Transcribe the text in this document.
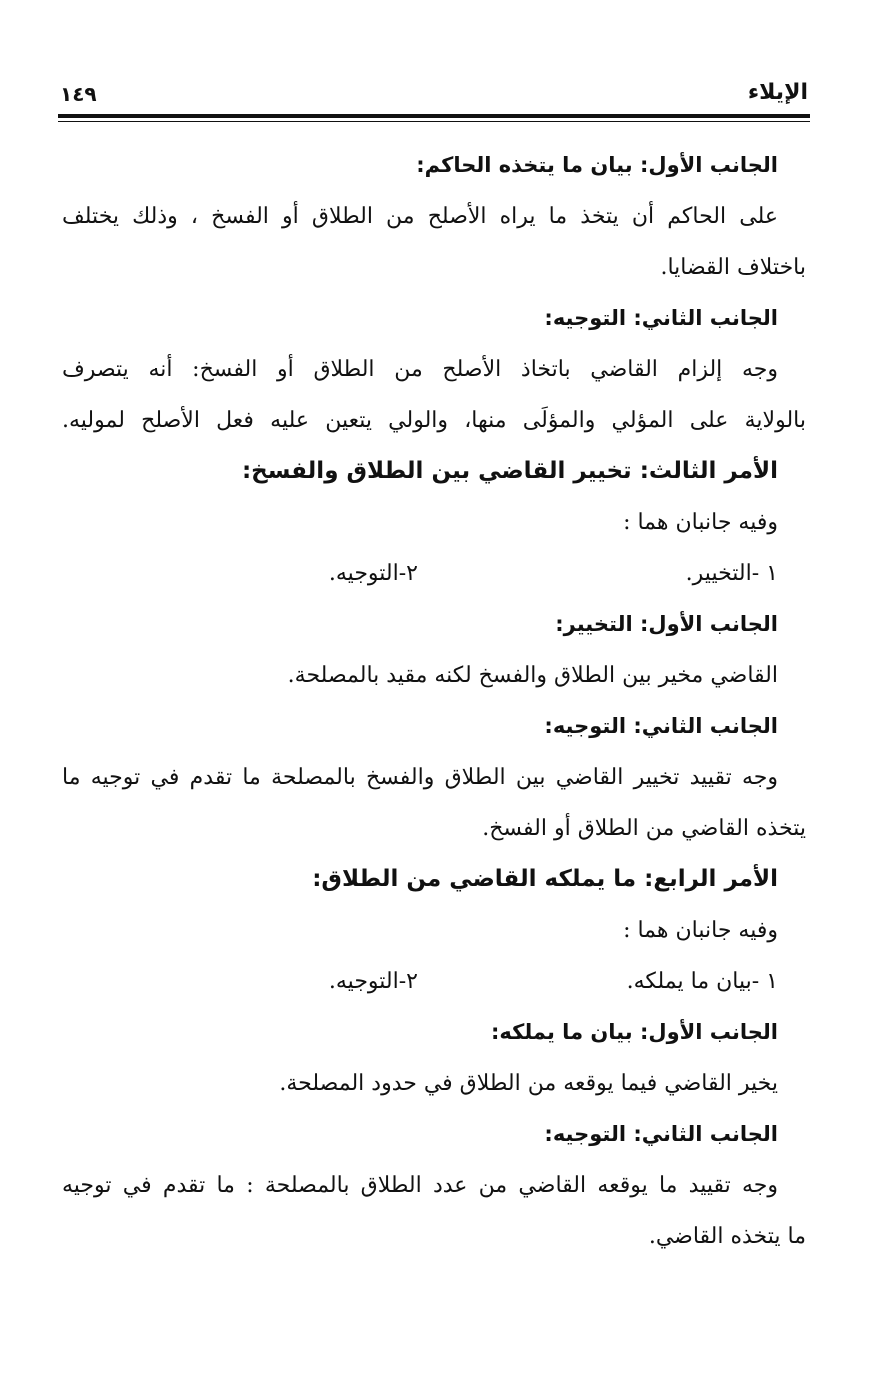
الإيلاء
١٤٩
الجانب الأول: بيان ما يتخذه الحاكم:
على الحاكم أن يتخذ ما يراه الأصلح من الطلاق أو الفسخ ، وذلك يختلف
باختلاف القضايا.
الجانب الثاني: التوجيه:
وجه إلزام القاضي باتخاذ الأصلح من الطلاق أو الفسخ: أنه يتصرف
بالولاية على المؤلي والمؤلَى منها، والولي يتعين عليه فعل الأصلح لموليه.
الأمر الثالث: تخيير القاضي بين الطلاق والفسخ:
وفيه جانبان هما :
١ -التخيير.٢-التوجيه.
الجانب الأول: التخيير:
القاضي مخير بين الطلاق والفسخ لكنه مقيد بالمصلحة.
الجانب الثاني: التوجيه:
وجه تقييد تخيير القاضي بين الطلاق والفسخ بالمصلحة ما تقدم في توجيه ما
يتخذه القاضي من الطلاق أو الفسخ.
الأمر الرابع: ما يملكه القاضي من الطلاق:
وفيه جانبان هما :
١ -بيان ما يملكه.٢-التوجيه.
الجانب الأول: بيان ما يملكه:
يخير القاضي فيما يوقعه من الطلاق في حدود المصلحة.
الجانب الثاني: التوجيه:
وجه تقييد ما يوقعه القاضي من عدد الطلاق بالمصلحة : ما تقدم في توجيه
ما يتخذه القاضي.
